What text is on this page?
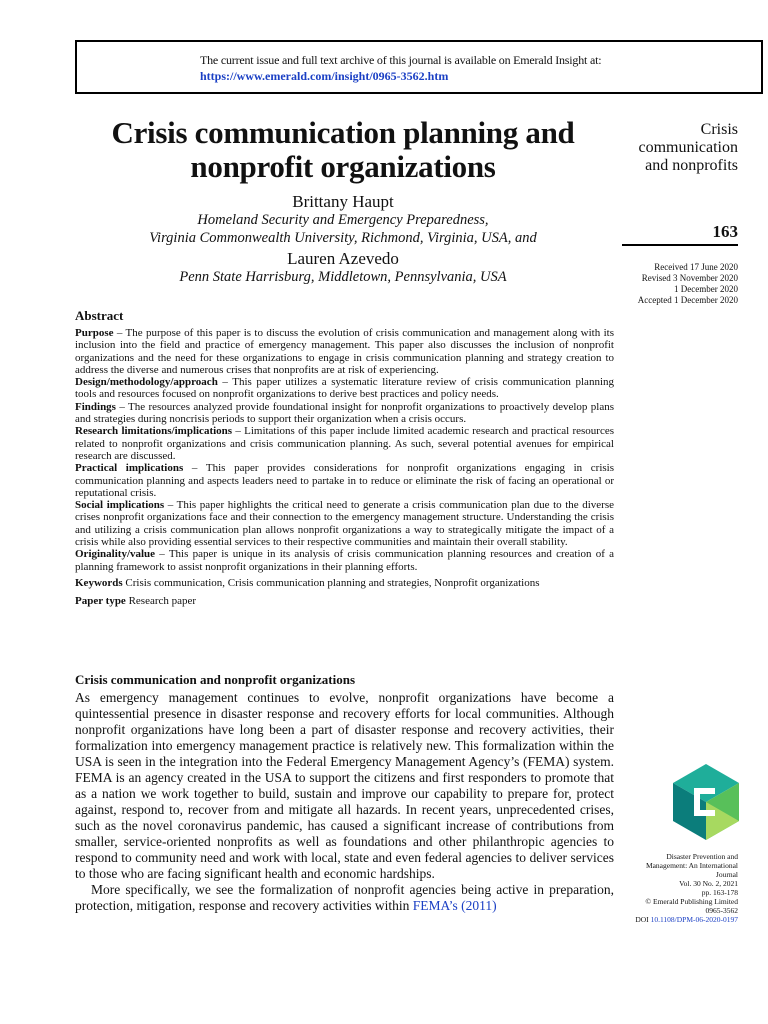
The current issue and full text archive of this journal is available on Emerald Insight at:
https://www.emerald.com/insight/0965-3562.htm
Crisis communication planning and nonprofit organizations

Brittany Haupt

Homeland Security and Emergency Preparedness,

Virginia Commonwealth University, Richmond, Virginia, USA, and

Lauren Azevedo

Penn State Harrisburg, Middletown, Pennsylvania, USA

Crisis
communication
and nonprofits
163
Received 17 June 2020
Revised 3 November 2020
1 December 2020
Accepted 1 December 2020
Abstract

Purpose – The purpose of this paper is to discuss the evolution of crisis communication and management along with its inclusion into the field and practice of emergency management. This paper also discusses the inclusion of nonprofit organizations and the need for these organizations to engage in crisis communication planning and strategy creation to address the diverse and numerous crises that nonprofits are at risk of experiencing.

Design/methodology/approach – This paper utilizes a systematic literature review of crisis communication planning tools and resources focused on nonprofit organizations to derive best practices and policy needs.

Findings – The resources analyzed provide foundational insight for nonprofit organizations to proactively develop plans and strategies during noncrisis periods to support their organization when a crisis occurs.

Research limitations/implications – Limitations of this paper include limited academic research and practical resources related to nonprofit organizations and crisis communication planning. As such, several potential avenues for empirical research are discussed.

Practical implications – This paper provides considerations for nonprofit organizations engaging in crisis communication planning and aspects leaders need to partake in to reduce or eliminate the risk of facing an operational or reputational crisis.

Social implications – This paper highlights the critical need to generate a crisis communication plan due to the diverse crises nonprofit organizations face and their connection to the emergency management structure. Understanding the crisis and utilizing a crisis communication plan allows nonprofit organizations a way to strategically mitigate the impact of a crisis while also providing essential services to their respective communities and maintain their overall stability.

Originality/value – This paper is unique in its analysis of crisis communication planning resources and creation of a planning framework to assist nonprofit organizations in their planning efforts.

Keywords Crisis communication, Crisis communication planning and strategies, Nonprofit organizations

Paper type Research paper

Crisis communication and nonprofit organizations

As emergency management continues to evolve, nonprofit organizations have become a quintessential presence in disaster response and recovery efforts for local communities. Although nonprofit organizations have long been a part of disaster response and recovery activities, their formalization into emergency management practice is relatively new. This formalization within the USA is seen in the integration into the Federal Emergency Management Agency’s (FEMA) system. FEMA is an agency created in the USA to support the citizens and first responders to promote that as a nation we work together to build, sustain and improve our capability to prepare for, protect against, respond to, recover from and mitigate all hazards. In recent years, unprecedented crises, such as the novel coronavirus pandemic, has caused a significant increase of contributions from smaller, service-oriented nonprofits as well as foundations and other philanthropic agencies to respond to community need and work with local, state and even federal agencies to deliver services to those who are facing significant health and economic hardships.

More specifically, we see the formalization of nonprofit agencies being active in preparation, protection, mitigation, response and recovery activities within FEMA’s (2011)

Disaster Prevention and
Management: An International
Journal
Vol. 30 No. 2, 2021
pp. 163-178
© Emerald Publishing Limited
0965-3562
DOI 10.1108/DPM-06-2020-0197
